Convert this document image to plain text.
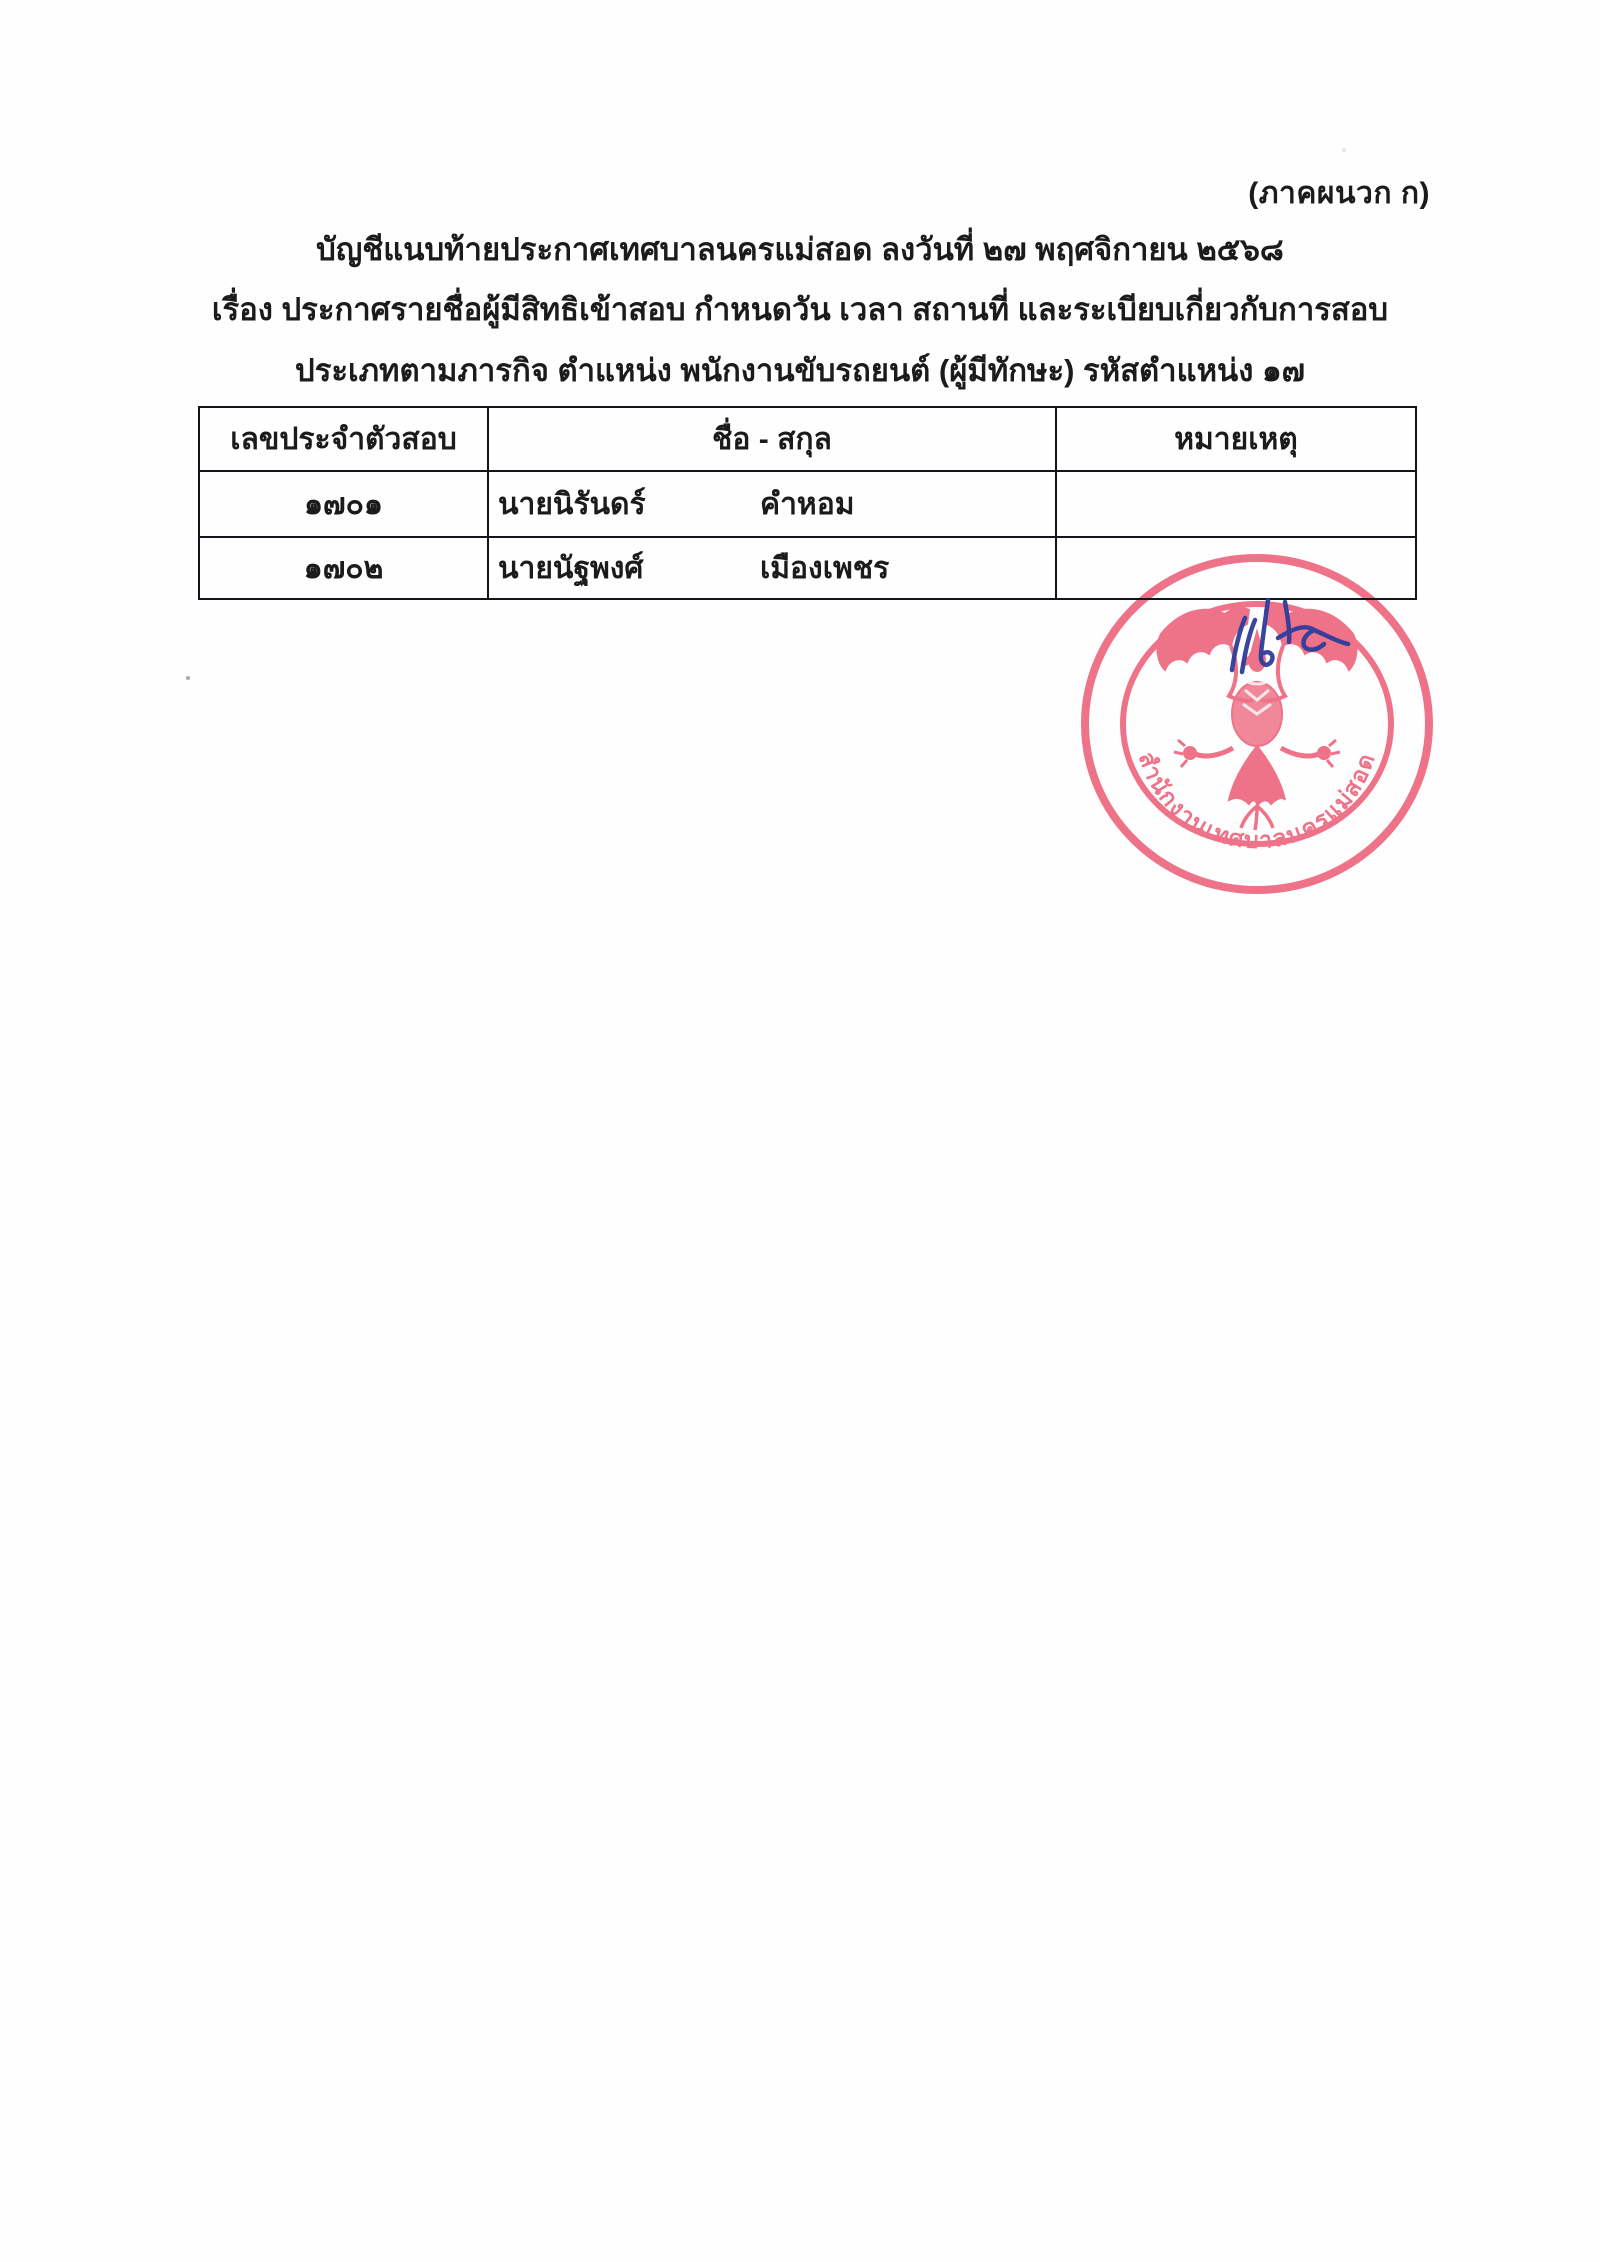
(ภาคผนวก ก)
บัญชีแนบท้ายประกาศเทศบาลนครแม่สอด ลงวันที่ ๒๗ พฤศจิกายน ๒๕๖๘
เรื่อง ประกาศรายชื่อผู้มีสิทธิเข้าสอบ กำหนดวัน เวลา สถานที่ และระเบียบเกี่ยวกับการสอบ
ประเภทตามภารกิจ ตำแหน่ง พนักงานขับรถยนต์ (ผู้มีทักษะ) รหัสตำแหน่ง ๑๗
สำนักงานเทศบาลนครแม่สอด
เลขประจำตัวสอบ	ชื่อ - สกุล	หมายเหตุ
๑๗๐๑	นายนิรันดร์ คำหอม	

๑๗๐๒	นายนัฐพงศ์ เมืองเพชร	
